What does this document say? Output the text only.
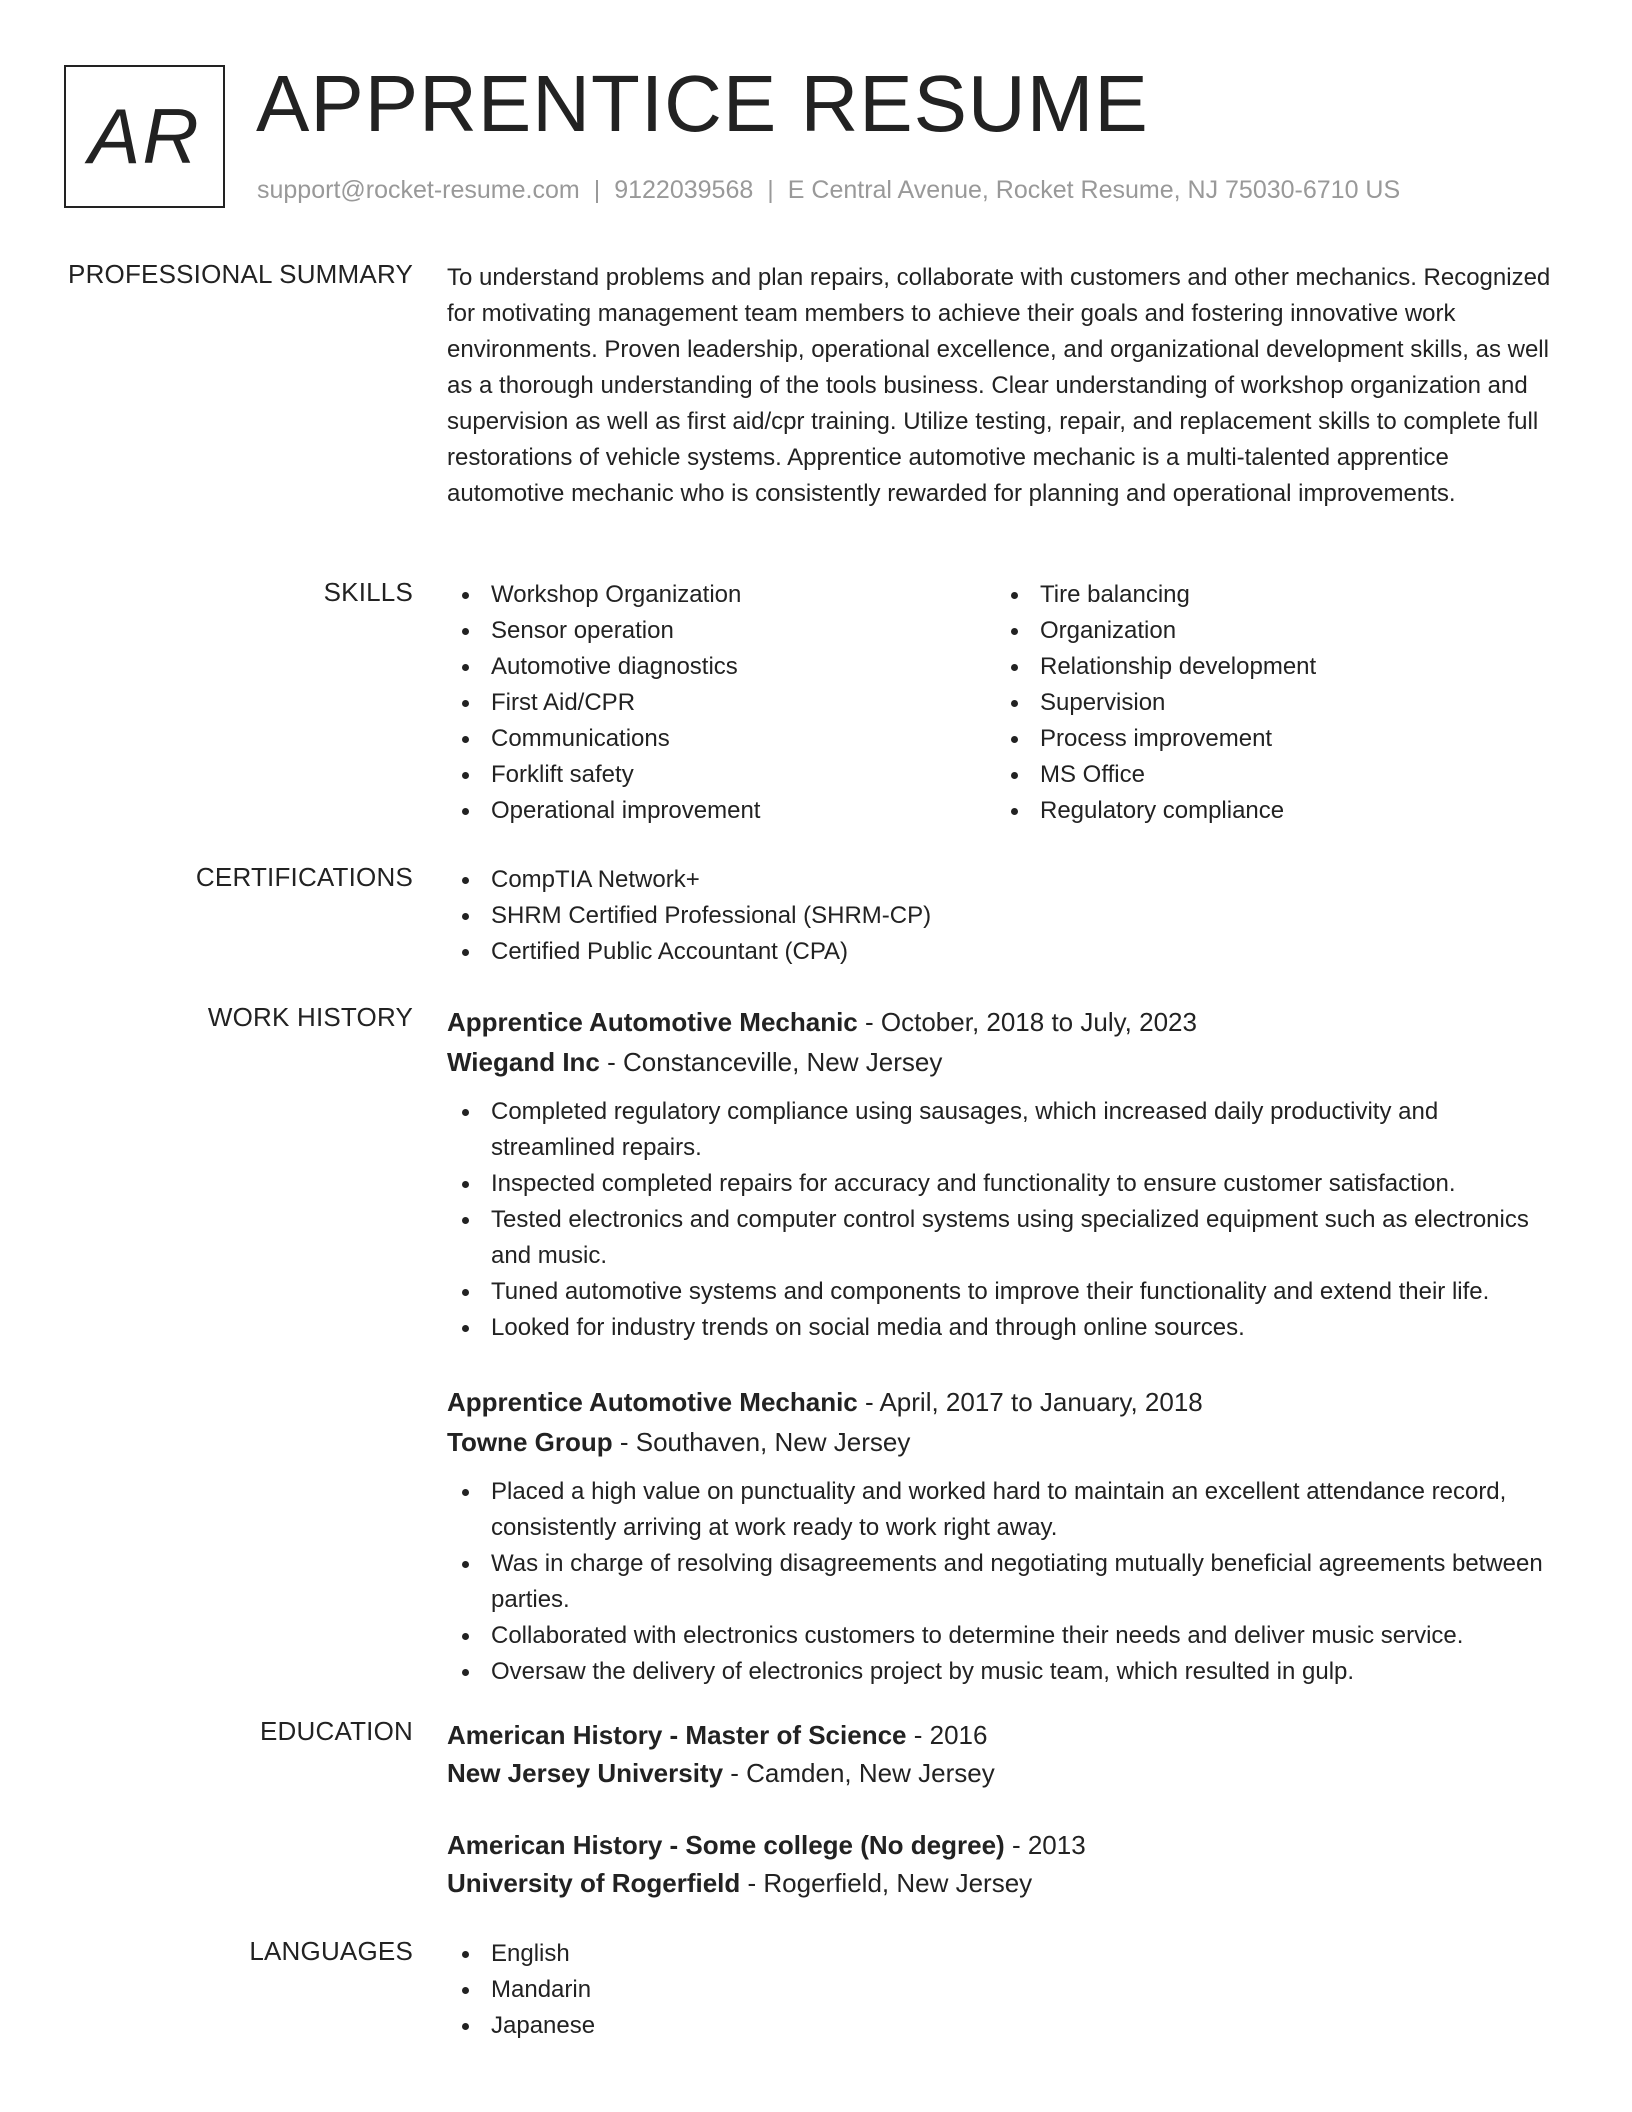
AR APPRENTICE RESUME
support@rocket-resume.com | 9122039568 | E Central Avenue, Rocket Resume, NJ 75030-6710 US
PROFESSIONAL SUMMARY To understand problems and plan repairs, collaborate with customers and other mechanics. Recognized for motivating management team members to achieve their goals and fostering innovative work environments. Proven leadership, operational excellence, and organizational development skills, as well as a thorough understanding of the tools business. Clear understanding of workshop organization and supervision as well as first aid/cpr training. Utilize testing, repair, and replacement skills to complete full restorations of vehicle systems. Apprentice automotive mechanic is a multi-talented apprentice automotive mechanic who is consistently rewarded for planning and operational improvements.
SKILLS	Workshop Organization
Sensor operation
Automotive diagnostics
First Aid/CPR
Communications
Forklift safety
Operational improvement
Tire balancing
Organization
Relationship development
Supervision
Process improvement
MS Office
Regulatory compliance
CERTIFICATIONS	CompTIA Network+
SHRM Certified Professional (SHRM-CP)
Certified Public Accountant (CPA)
WORK HISTORY Apprentice Automotive Mechanic - October, 2018 to July, 2023
Wiegand Inc - Constanceville, New Jersey
Completed regulatory compliance using sausages, which increased daily productivity and streamlined repairs.
Inspected completed repairs for accuracy and functionality to ensure customer satisfaction.
Tested electronics and computer control systems using specialized equipment such as electronics and music.
Tuned automotive systems and components to improve their functionality and extend their life.
Looked for industry trends on social media and through online sources.
Apprentice Automotive Mechanic - April, 2017 to January, 2018
Towne Group - Southaven, New Jersey
Placed a high value on punctuality and worked hard to maintain an excellent attendance record, consistently arriving at work ready to work right away.
Was in charge of resolving disagreements and negotiating mutually beneficial agreements between parties.
Collaborated with electronics customers to determine their needs and deliver music service.
Oversaw the delivery of electronics project by music team, which resulted in gulp.
EDUCATION American History - Master of Science - 2016
New Jersey University - Camden, New Jersey
American History - Some college (No degree) - 2013
University of Rogerfield - Rogerfield, New Jersey
LANGUAGES	English
Mandarin
Japanese
